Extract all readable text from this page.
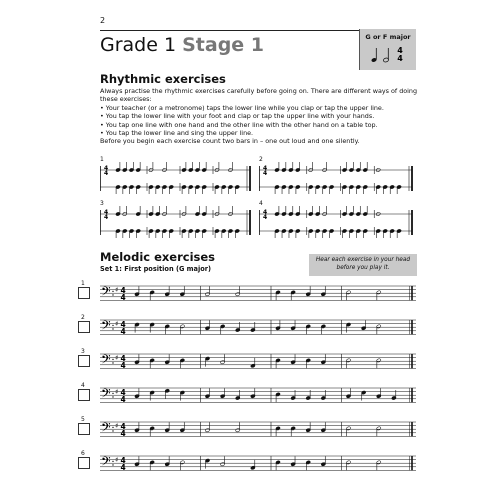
2
Grade 1 Stage 1	G or F major
4
4
Rhythmic exercises

Always practise the rhythmic exercises carefully before going on. There are different ways of doing these exercises:

• Your teacher (or a metronome) taps the lower line while you clap or tap the upper line.

• You tap the lower line with your foot and clap or tap the upper line with your hands.

• You tap one line with one hand and the other line with the other hand on a table top.

• You tap the lower line and sing the upper line.

Before you begin each exercise count two bars in – one out loud and one silently.

1	2
3	4
4
4
4
4
4
4
4
4
Melodic exercises	Hear each exercise in your head before you play it.
Set 1: First position (G major)
1
2
3
4
5
6
𝄢 ♯ 4
4
𝄢 ♯ 4
4
𝄢 ♯ 4
4
𝄢 ♯ 4
4
𝄢 ♯ 4
4
𝄢 ♯ 4
4
